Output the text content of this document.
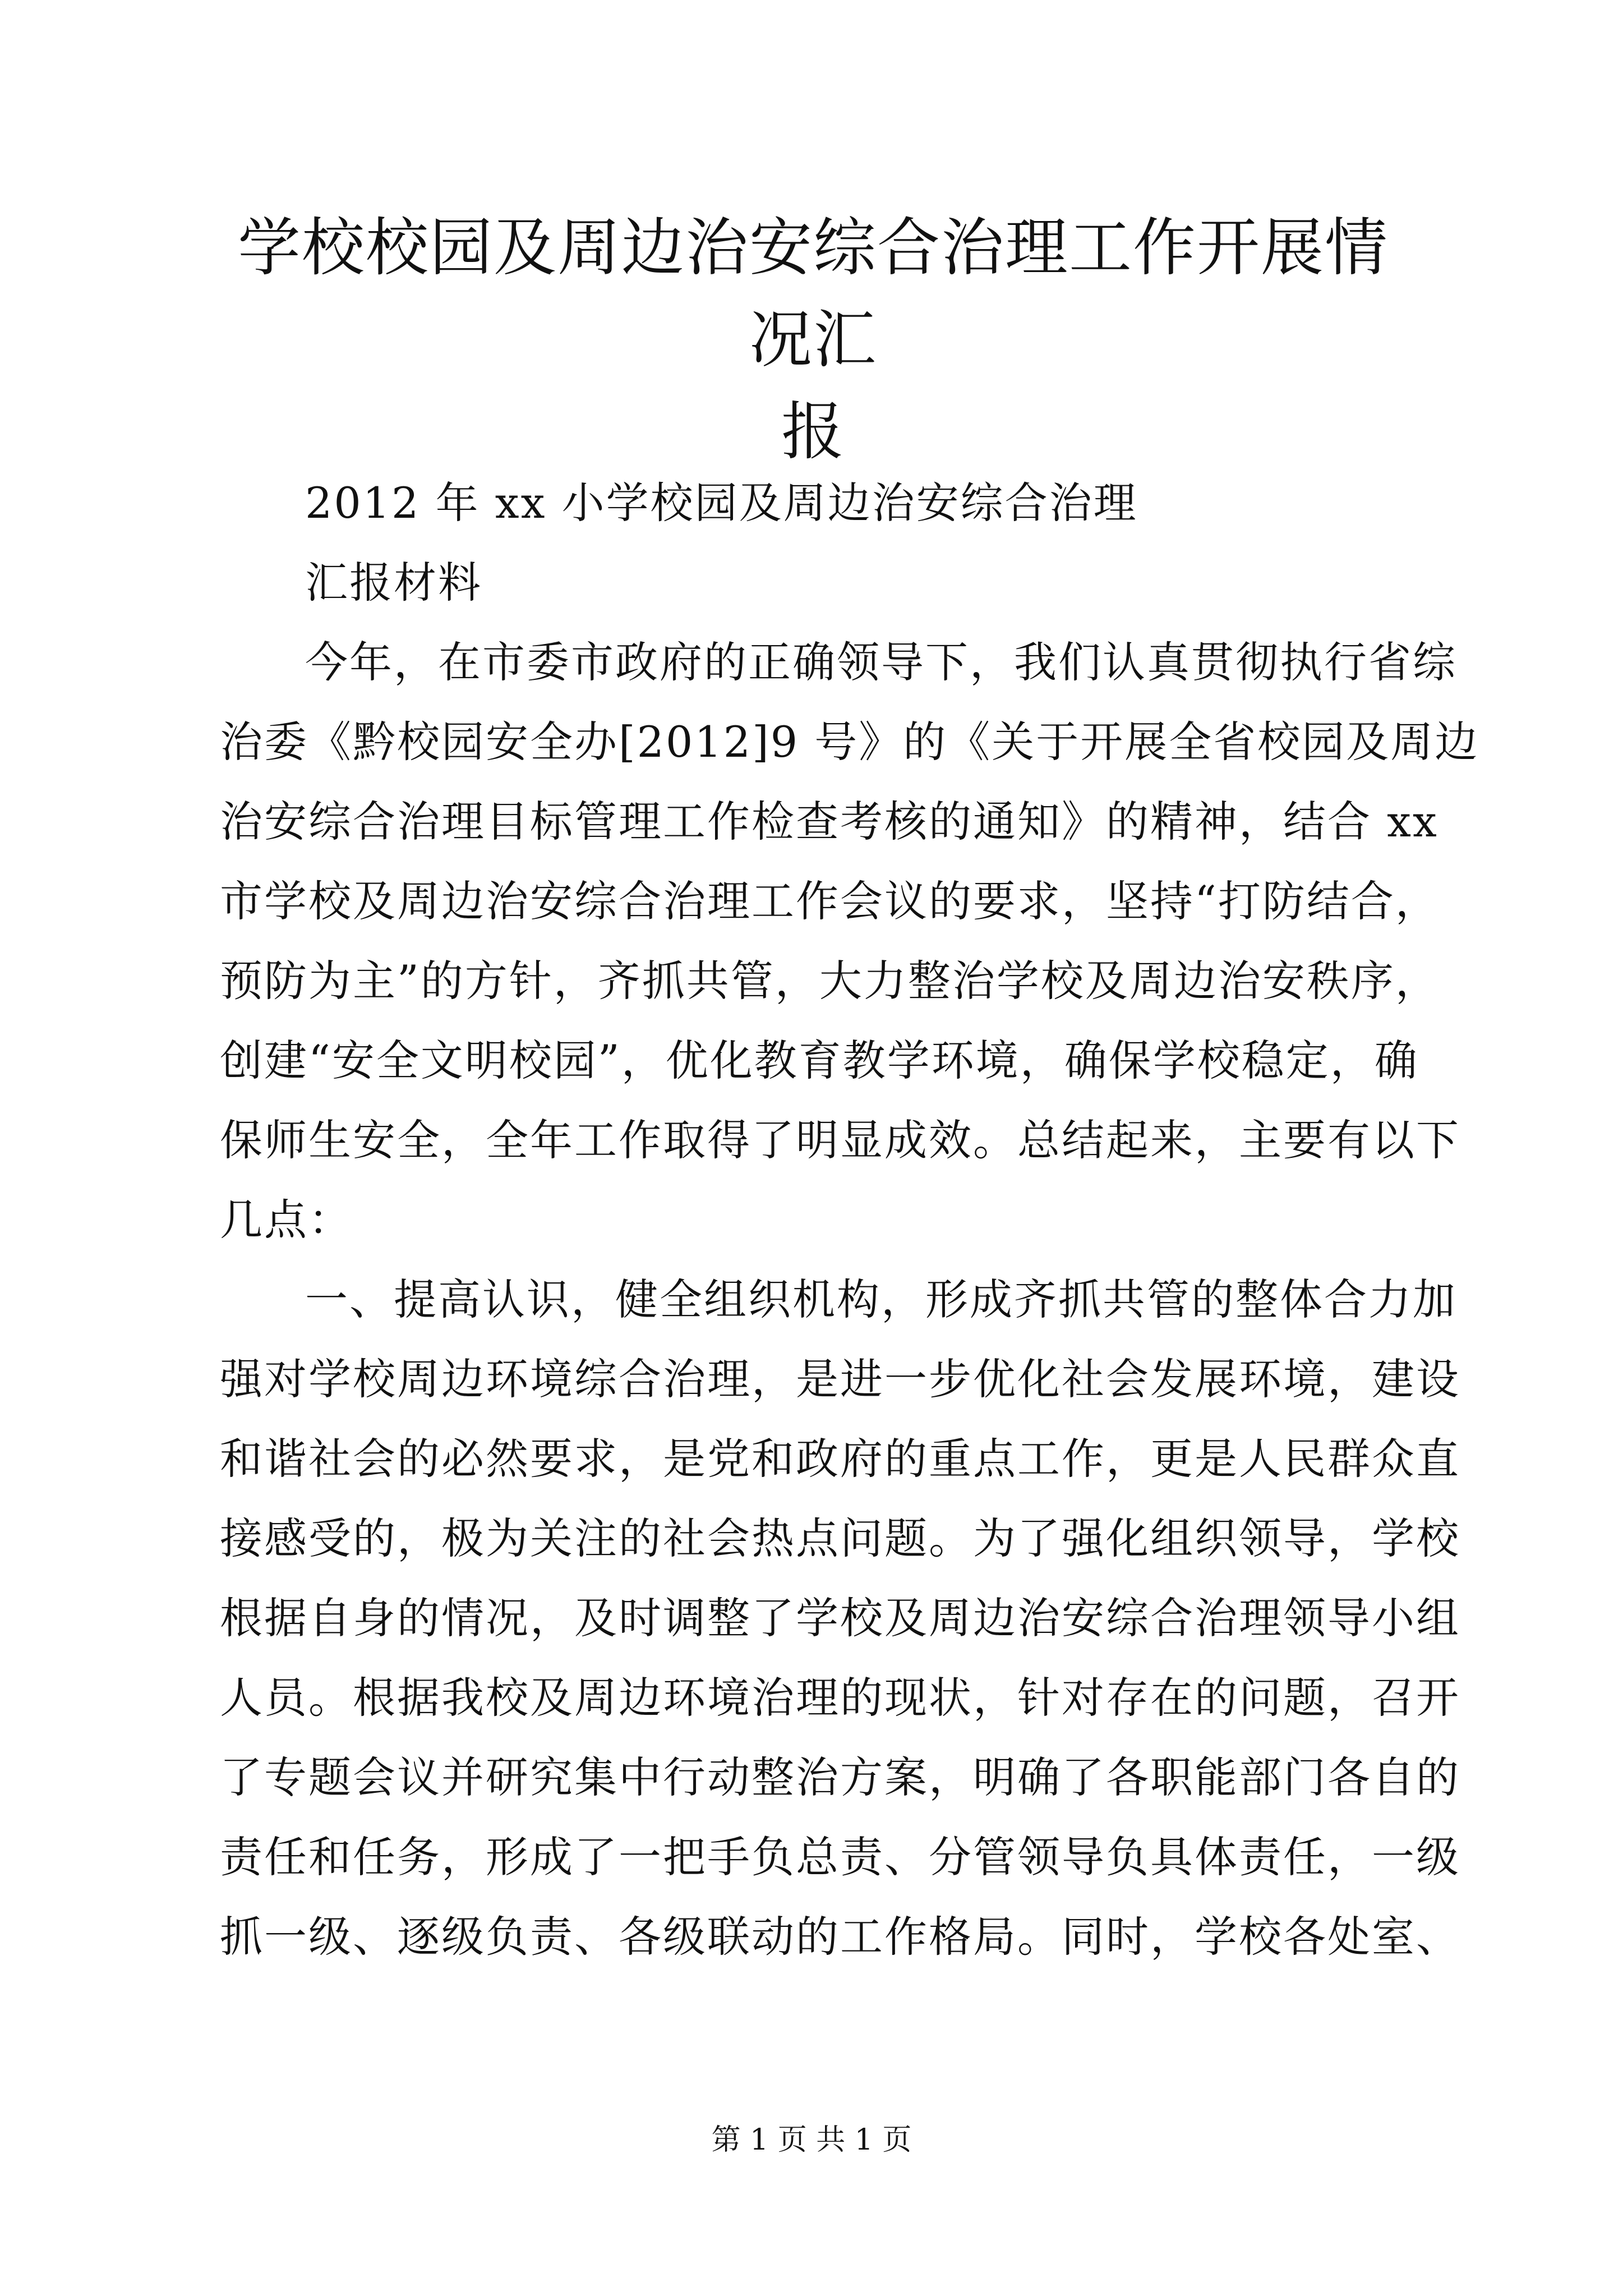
学校校园及周边治安综合治理工作开展情况汇
报
2012 年 xx 小学校园及周边治安综合治理
汇报材料
今年，在市委市政府的正确领导下，我们认真贯彻执行省综
治委《黔校园安全办[2012]9 号》的《关于开展全省校园及周边
治安综合治理目标管理工作检查考核的通知》的精神，结合 xx
市学校及周边治安综合治理工作会议的要求，坚持“打防结合，
预防为主”的方针，齐抓共管，大力整治学校及周边治安秩序，
创建“安全文明校园”，优化教育教学环境，确保学校稳定，确
保师生安全，全年工作取得了明显成效。总结起来，主要有以下
几点：
一、提高认识，健全组织机构，形成齐抓共管的整体合力加
强对学校周边环境综合治理，是进一步优化社会发展环境，建设
和谐社会的必然要求，是党和政府的重点工作，更是人民群众直
接感受的，极为关注的社会热点问题。为了强化组织领导，学校
根据自身的情况，及时调整了学校及周边治安综合治理领导小组
人员。根据我校及周边环境治理的现状，针对存在的问题，召开
了专题会议并研究集中行动整治方案，明确了各职能部门各自的
责任和任务，形成了一把手负总责、分管领导负具体责任，一级
抓一级、逐级负责、各级联动的工作格局。同时，学校各处室、
第 1 页 共 1 页
